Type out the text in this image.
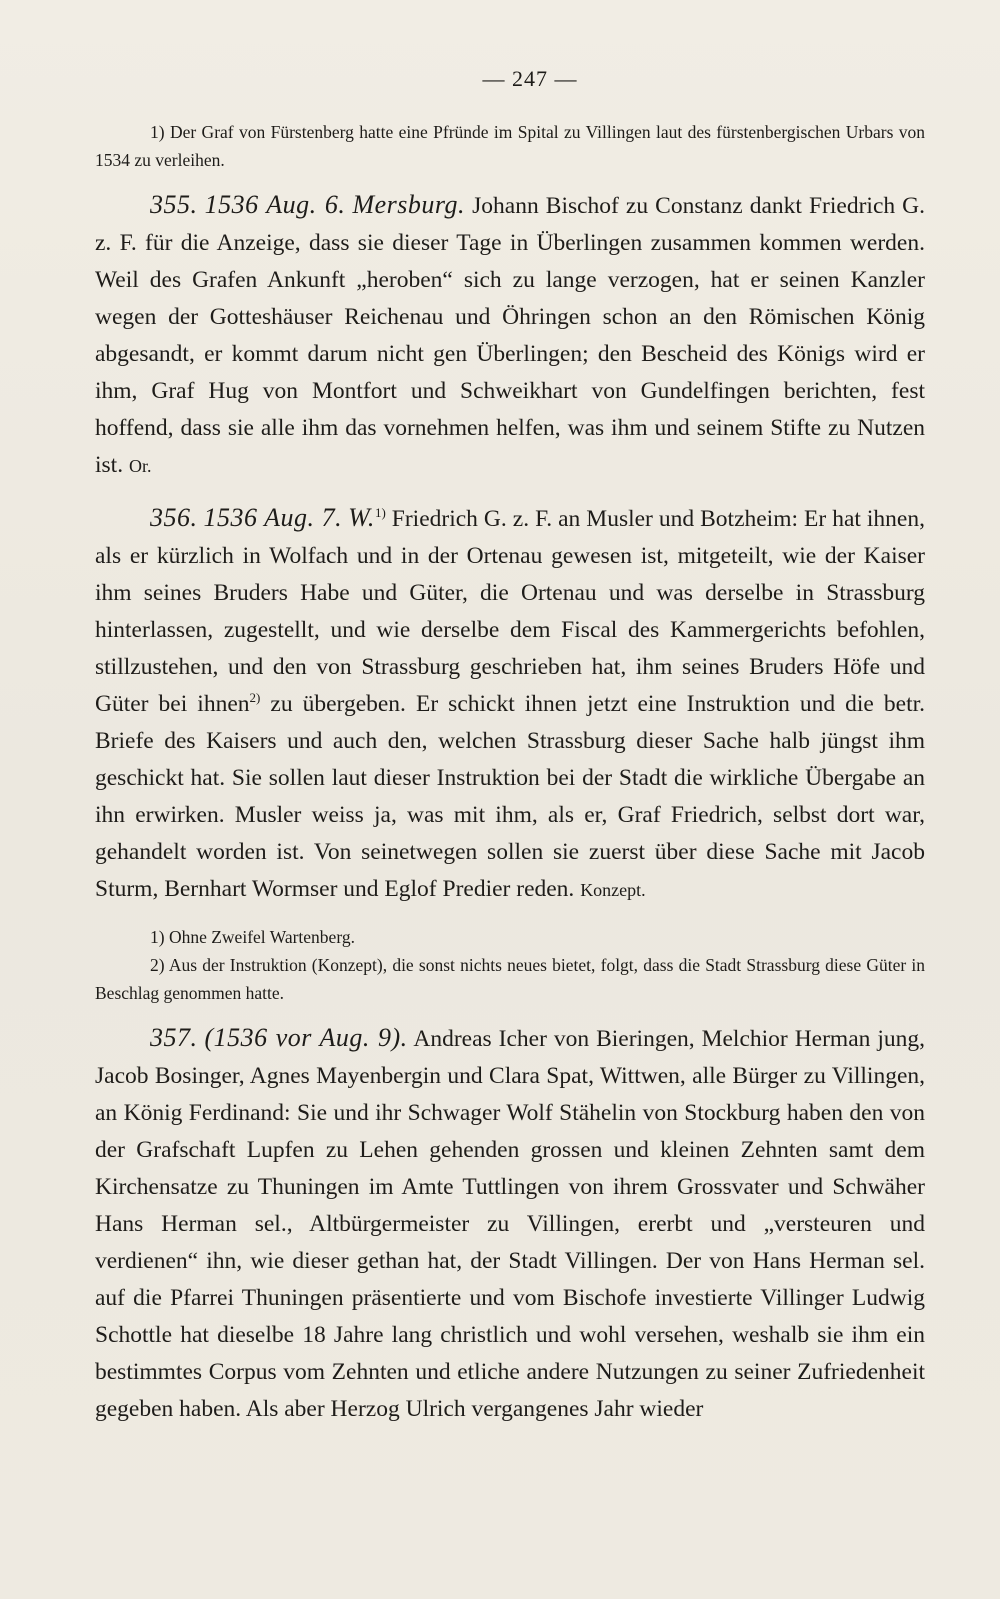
— 247 —

1) Der Graf von Fürstenberg hatte eine Pfründe im Spital zu Villingen laut des fürstenbergischen Urbars von 1534 zu verleihen.

355. 1536 Aug. 6. Mersburg. Johann Bischof zu Constanz dankt Friedrich G. z. F. für die Anzeige, dass sie dieser Tage in Überlingen zusammen kommen werden. Weil des Grafen Ankunft „heroben“ sich zu lange verzogen, hat er seinen Kanzler wegen der Gotteshäuser Reichenau und Öhringen schon an den Römischen König abgesandt, er kommt darum nicht gen Überlingen; den Bescheid des Königs wird er ihm, Graf Hug von Montfort und Schweikhart von Gundelfingen berichten, fest hoffend, dass sie alle ihm das vornehmen helfen, was ihm und seinem Stifte zu Nutzen ist. Or.

356. 1536 Aug. 7. W.$^{1)}$ Friedrich G. z. F. an Musler und Botzheim: Er hat ihnen, als er kürzlich in Wolfach und in der Ortenau gewesen ist, mitgeteilt, wie der Kaiser ihm seines Bruders Habe und Güter, die Ortenau und was derselbe in Strassburg hinterlassen, zugestellt, und wie derselbe dem Fiscal des Kammergerichts befohlen, stillzustehen, und den von Strassburg geschrieben hat, ihm seines Bruders Höfe und Güter bei ihnen$^{2)}$ zu übergeben. Er schickt ihnen jetzt eine Instruktion und die betr. Briefe des Kaisers und auch den, welchen Strassburg dieser Sache halb jüngst ihm geschickt hat. Sie sollen laut dieser Instruktion bei der Stadt die wirkliche Übergabe an ihn erwirken. Musler weiss ja, was mit ihm, als er, Graf Friedrich, selbst dort war, gehandelt worden ist. Von seinetwegen sollen sie zuerst über diese Sache mit Jacob Sturm, Bernhart Wormser und Eglof Predier reden. Konzept.

1) Ohne Zweifel Wartenberg.

2) Aus der Instruktion (Konzept), die sonst nichts neues bietet, folgt, dass die Stadt Strassburg diese Güter in Beschlag genommen hatte.

357. (1536 vor Aug. 9). Andreas Icher von Bieringen, Melchior Herman jung, Jacob Bosinger, Agnes Mayenbergin und Clara Spat, Wittwen, alle Bürger zu Villingen, an König Ferdinand: Sie und ihr Schwager Wolf Stähelin von Stockburg haben den von der Grafschaft Lupfen zu Lehen gehenden grossen und kleinen Zehnten samt dem Kirchensatze zu Thuningen im Amte Tuttlingen von ihrem Grossvater und Schwäher Hans Herman sel., Altbürgermeister zu Villingen, ererbt und „versteuren und verdienen“ ihn, wie dieser gethan hat, der Stadt Villingen. Der von Hans Herman sel. auf die Pfarrei Thuningen präsentierte und vom Bischofe investierte Villinger Ludwig Schottle hat dieselbe 18 Jahre lang christlich und wohl versehen, weshalb sie ihm ein bestimmtes Corpus vom Zehnten und etliche andere Nutzungen zu seiner Zufriedenheit gegeben haben. Als aber Herzog Ulrich vergangenes Jahr wieder
